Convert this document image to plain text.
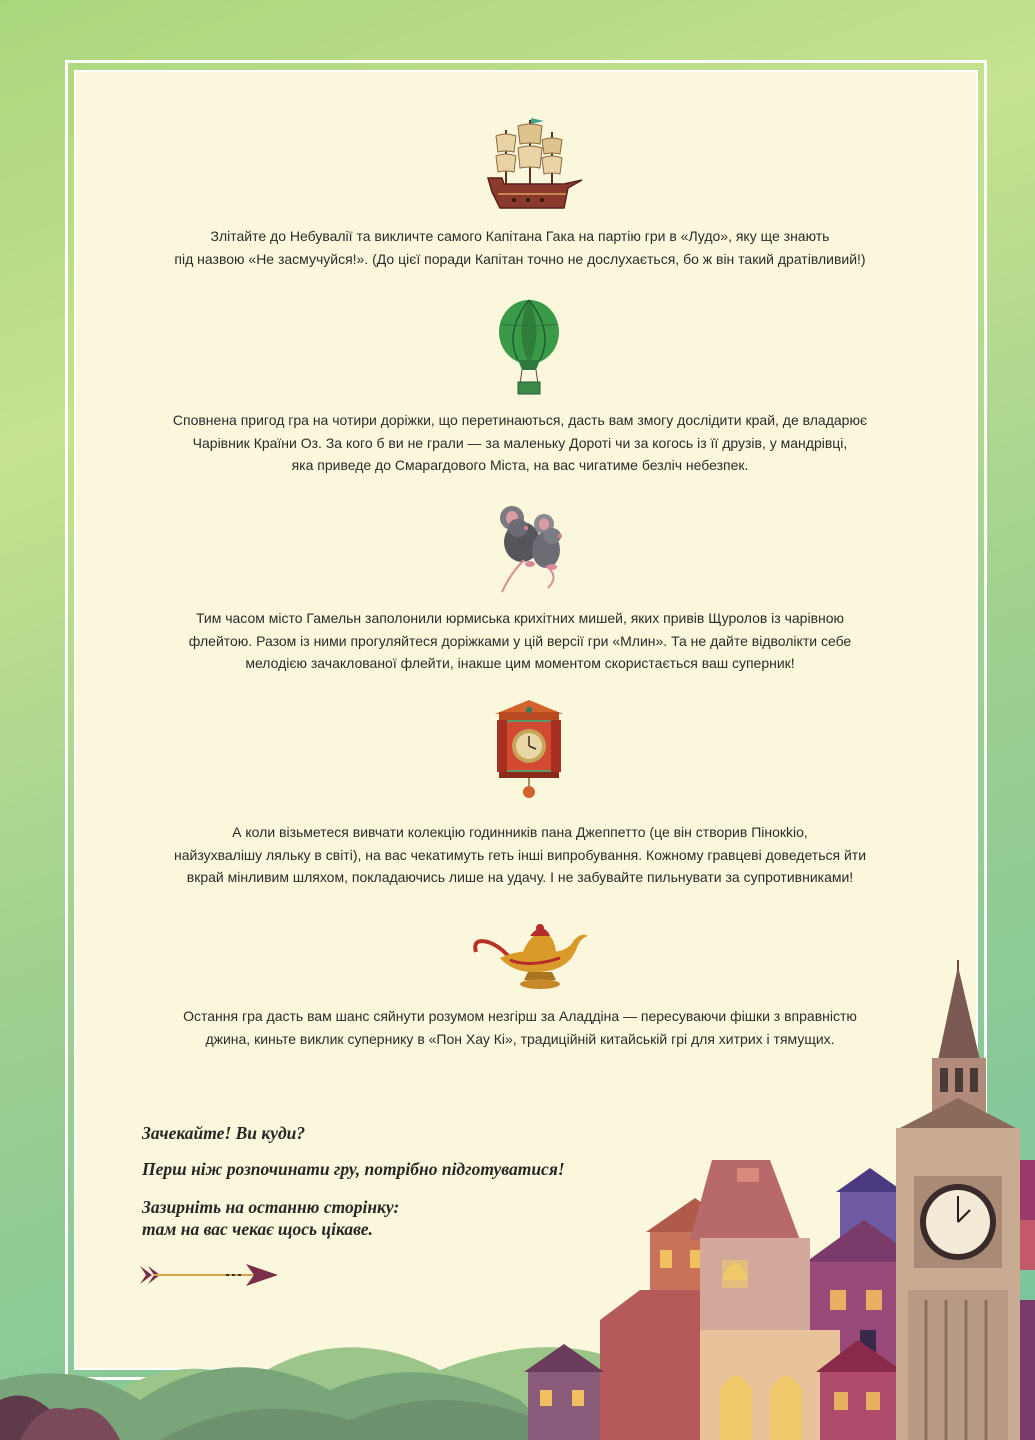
Злітайте до Небувалії та викличте самого Капітана Гака на партію гри в «Лудо», яку ще знають
під назвою «Не засмучуйся!». (До цієї поради Капітан точно не дослухається, бо ж він такий дратівливий!)

Сповнена пригод гра на чотири доріжки, що перетинаються, дасть вам змогу дослідити край, де владарює
Чарівник Країни Оз. За кого б ви не грали — за маленьку Дороті чи за когось із її друзів, у мандрівці,
яка приведе до Смарагдового Міста, на вас чигатиме безліч небезпек.

Тим часом місто Гамельн заполонили юрмиська крихітних мишей, яких привів Щуролов із чарівною
флейтою. Разом із ними прогуляйтеся доріжками у цій версії гри «Млин». Та не дайте відволікти себе
мелодією зачаклованої флейти, інакше цим моментом скористається ваш суперник!

А коли візьметеся вивчати колекцію годинників пана Джеппетто (це він створив Пінокkio,
найзухвалішу ляльку в світі), на вас чекатимуть геть інші випробування. Кожному гравцеві доведеться йти
вкрай мінливим шляхом, покладаючись лише на удачу. І не забувайте пильнувати за супротивниками!

Остання гра дасть вам шанс сяйнути розумом незгірш за Аладдіна — пересуваючи фішки з вправністю
джина, киньте виклик супернику в «Пон Хау Кі», традиційній китайській грі для хитрих і тямущих.

Зачекайте! Ви куди?

Перш ніж розпочинати гру, потрібно підготуватися!

Зазирніть на останню сторінку:
там на вас чекає щось цікаве.
